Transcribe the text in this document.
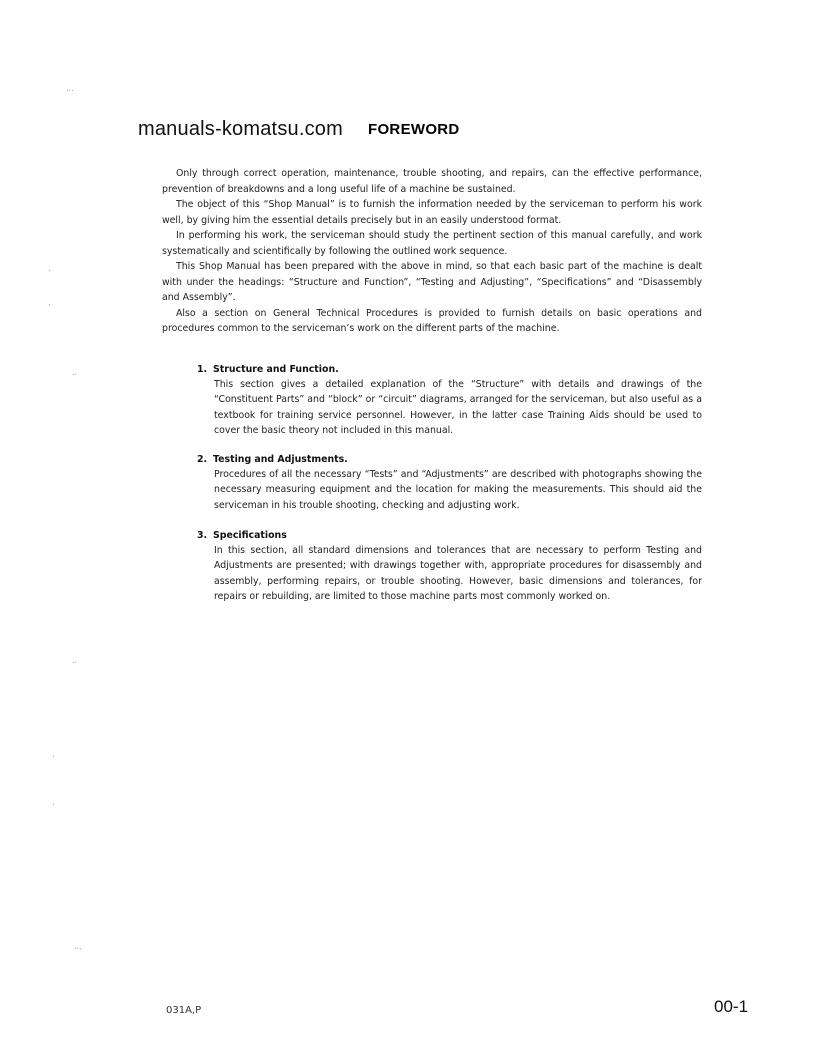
manuals-komatsu.com FOREWORD

Only through correct operation, maintenance, trouble shooting, and repairs, can the effective performance, prevention of breakdowns and a long useful life of a machine be sustained.

The object of this “Shop Manual” is to furnish the information needed by the serviceman to perform his work well, by giving him the essential details precisely but in an easily understood format.

In performing his work, the serviceman should study the pertinent section of this manual carefully, and work systematically and scientifically by following the outlined work sequence.

This Shop Manual has been prepared with the above in mind, so that each basic part of the machine is dealt with under the headings: “Structure and Function”, “Testing and Adjusting”, “Specifications” and “Disassembly and Assembly”.

Also a section on General Technical Procedures is provided to furnish details on basic operations and procedures common to the serviceman’s work on the different parts of the machine.

1. Structure and Function.
This section gives a detailed explanation of the “Structure” with details and drawings of the “Constituent Parts” and “block” or “circuit” diagrams, arranged for the serviceman, but also useful as a textbook for training service personnel. However, in the latter case Training Aids should be used to cover the basic theory not included in this manual.
2. Testing and Adjustments.
Procedures of all the necessary “Tests” and “Adjustments” are described with photographs showing the necessary measuring equipment and the location for making the measurements. This should aid the serviceman in his trouble shooting, checking and adjusting work.
3. Specifications
In this section, all standard dimensions and tolerances that are necessary to perform Testing and Adjustments are presented; with drawings together with, appropriate procedures for disassembly and assembly, performing repairs, or trouble shooting. However, basic dimensions and tolerances, for repairs or rebuilding, are limited to those machine parts most commonly worked on.
031A,P	00-1
·‧·
·
·
·‧
·‧
·
·
·‧·
